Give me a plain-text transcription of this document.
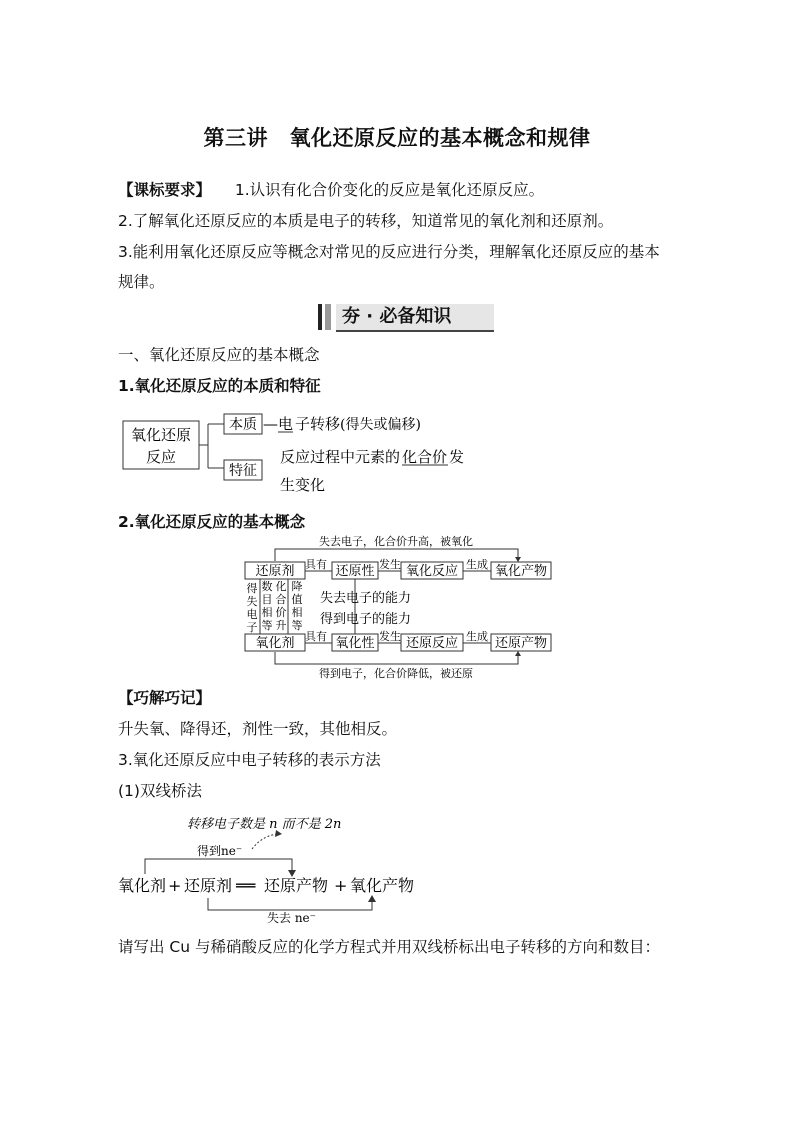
第三讲　氧化还原反应的基本概念和规律
【课标要求】 1.认识有化合价变化的反应是氧化还原反应。
2.了解氧化还原反应的本质是电子的转移，知道常见的氧化剂和还原剂。
3.能利用氧化还原反应等概念对常见的反应进行分类，理解氧化还原反应的基本
规律。
夯 · 必备知识
一、氧化还原反应的基本概念
1.氧化还原反应的本质和特征
氧化还原
反应
本质 —电 子转移 (得失或偏移)
特征
反应过程中元素的 化合价 发
生变化
2.氧化还原反应的基本概念
失去电子，化合价升高，被氧化
得到电子，化合价降低，被还原
还原剂	还原性 氧化反应	氧化产物
具有	发生	生成
氧化剂	氧化性 还原反应	还原产物
具有	发生	生成
得
失
电
子
数
目
相
等
化
合
价
升
降
值
相
等
失去电子的能力
得到电子的能力
【巧解巧记】
升失氧、降得还，剂性一致，其他相反。
3.氧化还原反应中电子转移的表示方法
(1)双线桥法
转移电子数是 n 而不是 2n
得到ne⁻
氧化剂 + 还原剂 ══ 还原产物 + 氧化产物
失去 ne⁻
请写出 Cu 与稀硝酸反应的化学方程式并用双线桥标出电子转移的方向和数目：
